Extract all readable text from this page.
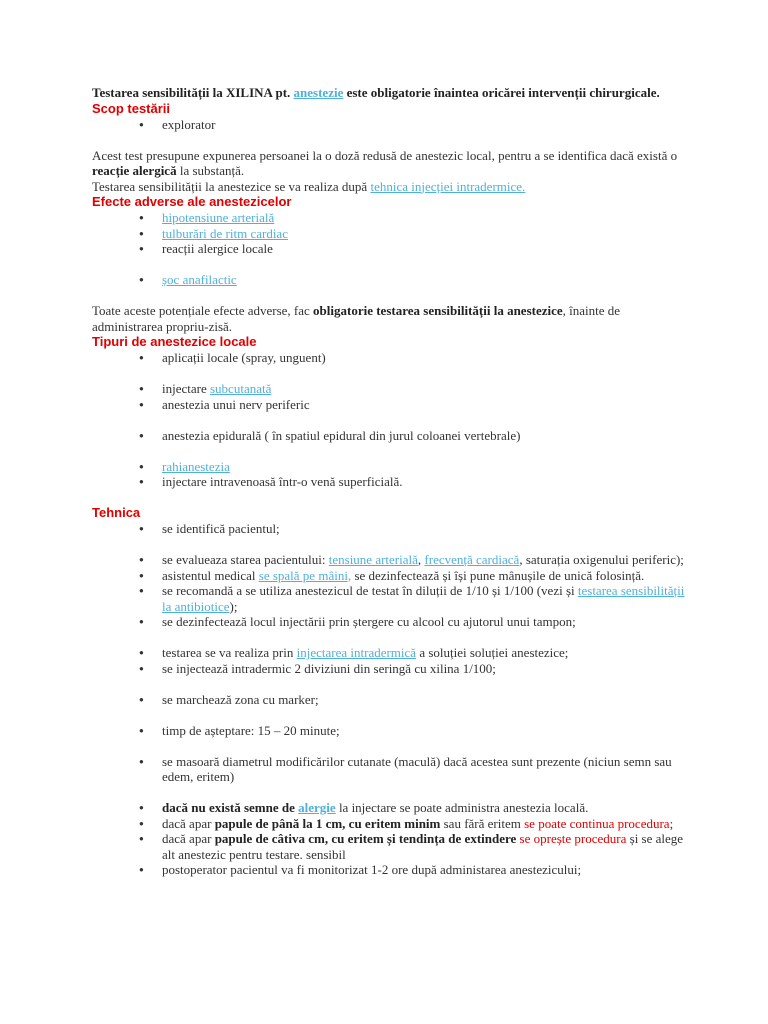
Testarea sensibilității la XILINA pt. anestezie este obligatorie înaintea oricărei intervenții chirurgicale.

Scop testării
● explorator

Acest test presupune expunerea persoanei la o doză redusă de anestezic local, pentru a se identifica dacă există o reacție alergică la substanță.
Testarea sensibilității la anestezice se va realiza după tehnica injecției intradermice.

Efecte adverse ale anestezicelor
● hipotensiune arterială
● tulburări de ritm cardiac
● reacții alergice locale
● șoc anafilactic

Toate aceste potențiale efecte adverse, fac obligatorie testarea sensibilității la anestezice, înainte de administrarea propriu-zisă.

Tipuri de anestezice locale
● aplicații locale (spray, unguent)
● injectare subcutanată
● anestezia unui nerv periferic
● anestezia epidurală ( în spatiul epidural din jurul coloanei vertebrale)
● rahianestezia
● injectare intravenoasă într-o venă superficială.
Tehnica
● se identifică pacientul;
● se evalueaza starea pacientului: tensiune arterială, frecvență cardiacă, saturația oxigenului periferic);
● asistentul medical se spală pe mâini, se dezinfectează și își pune mânușile de unică folosință.
● se recomandă a se utiliza anestezicul de testat în diluții de 1/10 și 1/100 (vezi și testarea sensibilității la antibiotice);
● se dezinfectează locul injectării prin ștergere cu alcool cu ajutorul unui tampon;
● testarea se va realiza prin injectarea intradermică a soluției soluției anestezice;
● se injectează intradermic 2 diviziuni din seringă cu xilina 1/100;
● se marchează zona cu marker;
● timp de așteptare: 15 – 20 minute;
● se masoară diametrul modificărilor cutanate (maculă) dacă acestea sunt prezente (niciun semn sau edem, eritem)
● dacă nu există semne de alergie la injectare se poate administra anestezia locală.
● dacă apar papule de până la 1 cm, cu eritem minim sau fără eritem se poate continua procedura;
● dacă apar papule de câtiva cm, cu eritem și tendința de extindere se oprește procedura și se alege alt anestezic pentru testare. sensibil
● postoperator pacientul va fi monitorizat 1-2 ore după administarea anestezicului;
